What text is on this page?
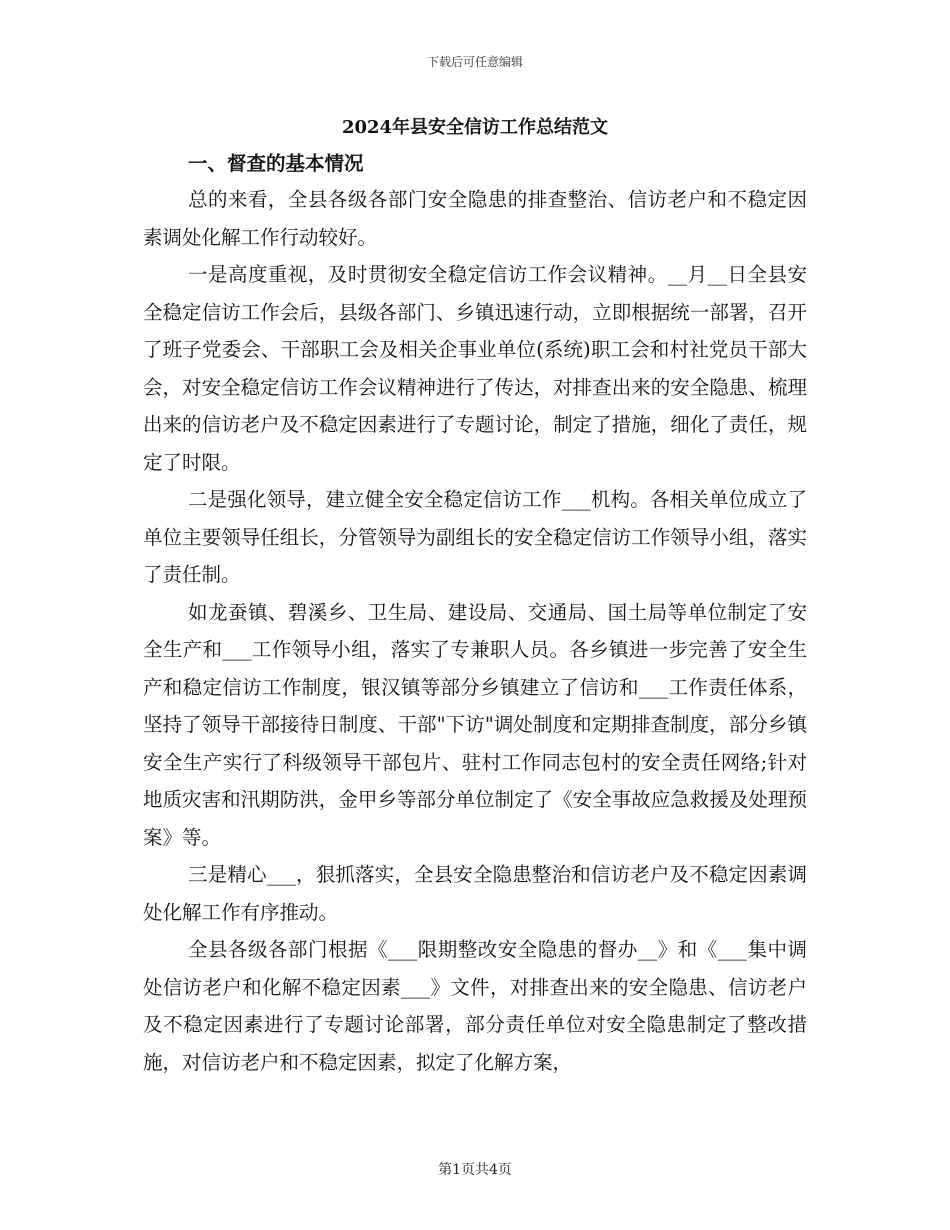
下载后可任意编辑
2024年县安全信访工作总结范文
一、督查的基本情况

总的来看，全县各级各部门安全隐患的排查整治、信访老户和不稳定因素调处化解工作行动较好。

一是高度重视，及时贯彻安全稳定信访工作会议精神。__月__日全县安全稳定信访工作会后，县级各部门、乡镇迅速行动，立即根据统一部署，召开了班子党委会、干部职工会及相关企事业单位(系统)职工会和村社党员干部大会，对安全稳定信访工作会议精神进行了传达，对排查出来的安全隐患、梳理出来的信访老户及不稳定因素进行了专题讨论，制定了措施，细化了责任，规定了时限。

二是强化领导，建立健全安全稳定信访工作___机构。各相关单位成立了单位主要领导任组长，分管领导为副组长的安全稳定信访工作领导小组，落实了责任制。

如龙蚕镇、碧溪乡、卫生局、建设局、交通局、国土局等单位制定了安全生产和___工作领导小组，落实了专兼职人员。各乡镇进一步完善了安全生产和稳定信访工作制度，银汉镇等部分乡镇建立了信访和___工作责任体系，坚持了领导干部接待日制度、干部"下访"调处制度和定期排查制度，部分乡镇安全生产实行了科级领导干部包片、驻村工作同志包村的安全责任网络;针对地质灾害和汛期防洪，金甲乡等部分单位制定了《安全事故应急救援及处理预案》等。

三是精心___，狠抓落实，全县安全隐患整治和信访老户及不稳定因素调处化解工作有序推动。

全县各级各部门根据《___限期整改安全隐患的督办__》和《___集中调处信访老户和化解不稳定因素___》文件，对排查出来的安全隐患、信访老户及不稳定因素进行了专题讨论部署，部分责任单位对安全隐患制定了整改措施，对信访老户和不稳定因素，拟定了化解方案，

第1页共4页
